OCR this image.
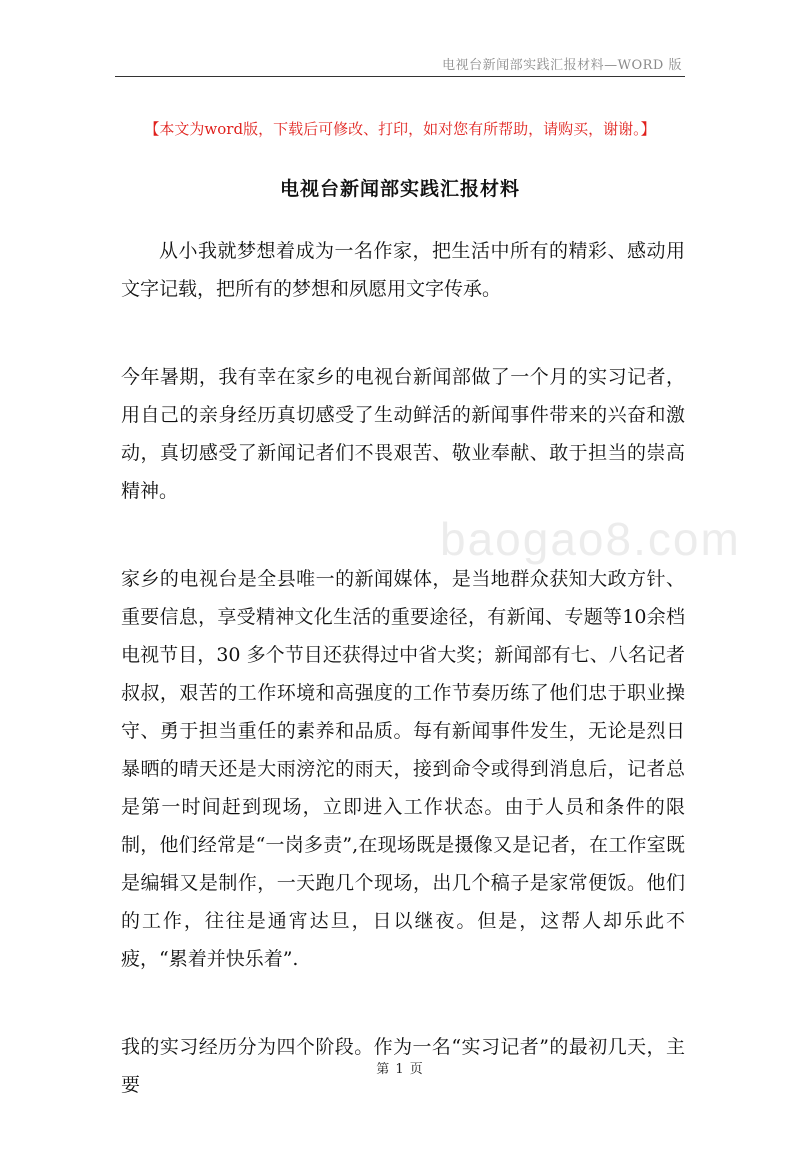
电视台新闻部实践汇报材料—WORD 版
【本文为word版，下载后可修改、打印，如对您有所帮助，请购买，谢谢。】
电视台新闻部实践汇报材料

从小我就梦想着成为一名作家，把生活中所有的精彩、感动用文字记载，把所有的梦想和夙愿用文字传承。

今年暑期，我有幸在家乡的电视台新闻部做了一个月的实习记者，用自己的亲身经历真切感受了生动鲜活的新闻事件带来的兴奋和激动，真切感受了新闻记者们不畏艰苦、敬业奉献、敢于担当的崇高精神。

家乡的电视台是全县唯一的新闻媒体，是当地群众获知大政方针、重要信息，享受精神文化生活的重要途径，有新闻、专题等10余档电视节目，30 多个节目还获得过中省大奖；新闻部有七、八名记者叔叔，艰苦的工作环境和高强度的工作节奏历练了他们忠于职业操守、勇于担当重任的素养和品质。每有新闻事件发生，无论是烈日暴晒的晴天还是大雨滂沱的雨天，接到命令或得到消息后，记者总是第一时间赶到现场，立即进入工作状态。由于人员和条件的限制，他们经常是“一岗多责”,在现场既是摄像又是记者，在工作室既是编辑又是制作，一天跑几个现场，出几个稿子是家常便饭。他们的工作，往往是通宵达旦，日以继夜。但是，这帮人却乐此不疲，“累着并快乐着”.

我的实习经历分为四个阶段。作为一名“实习记者”的最初几天，主要

baogao8.com
第 1 页
